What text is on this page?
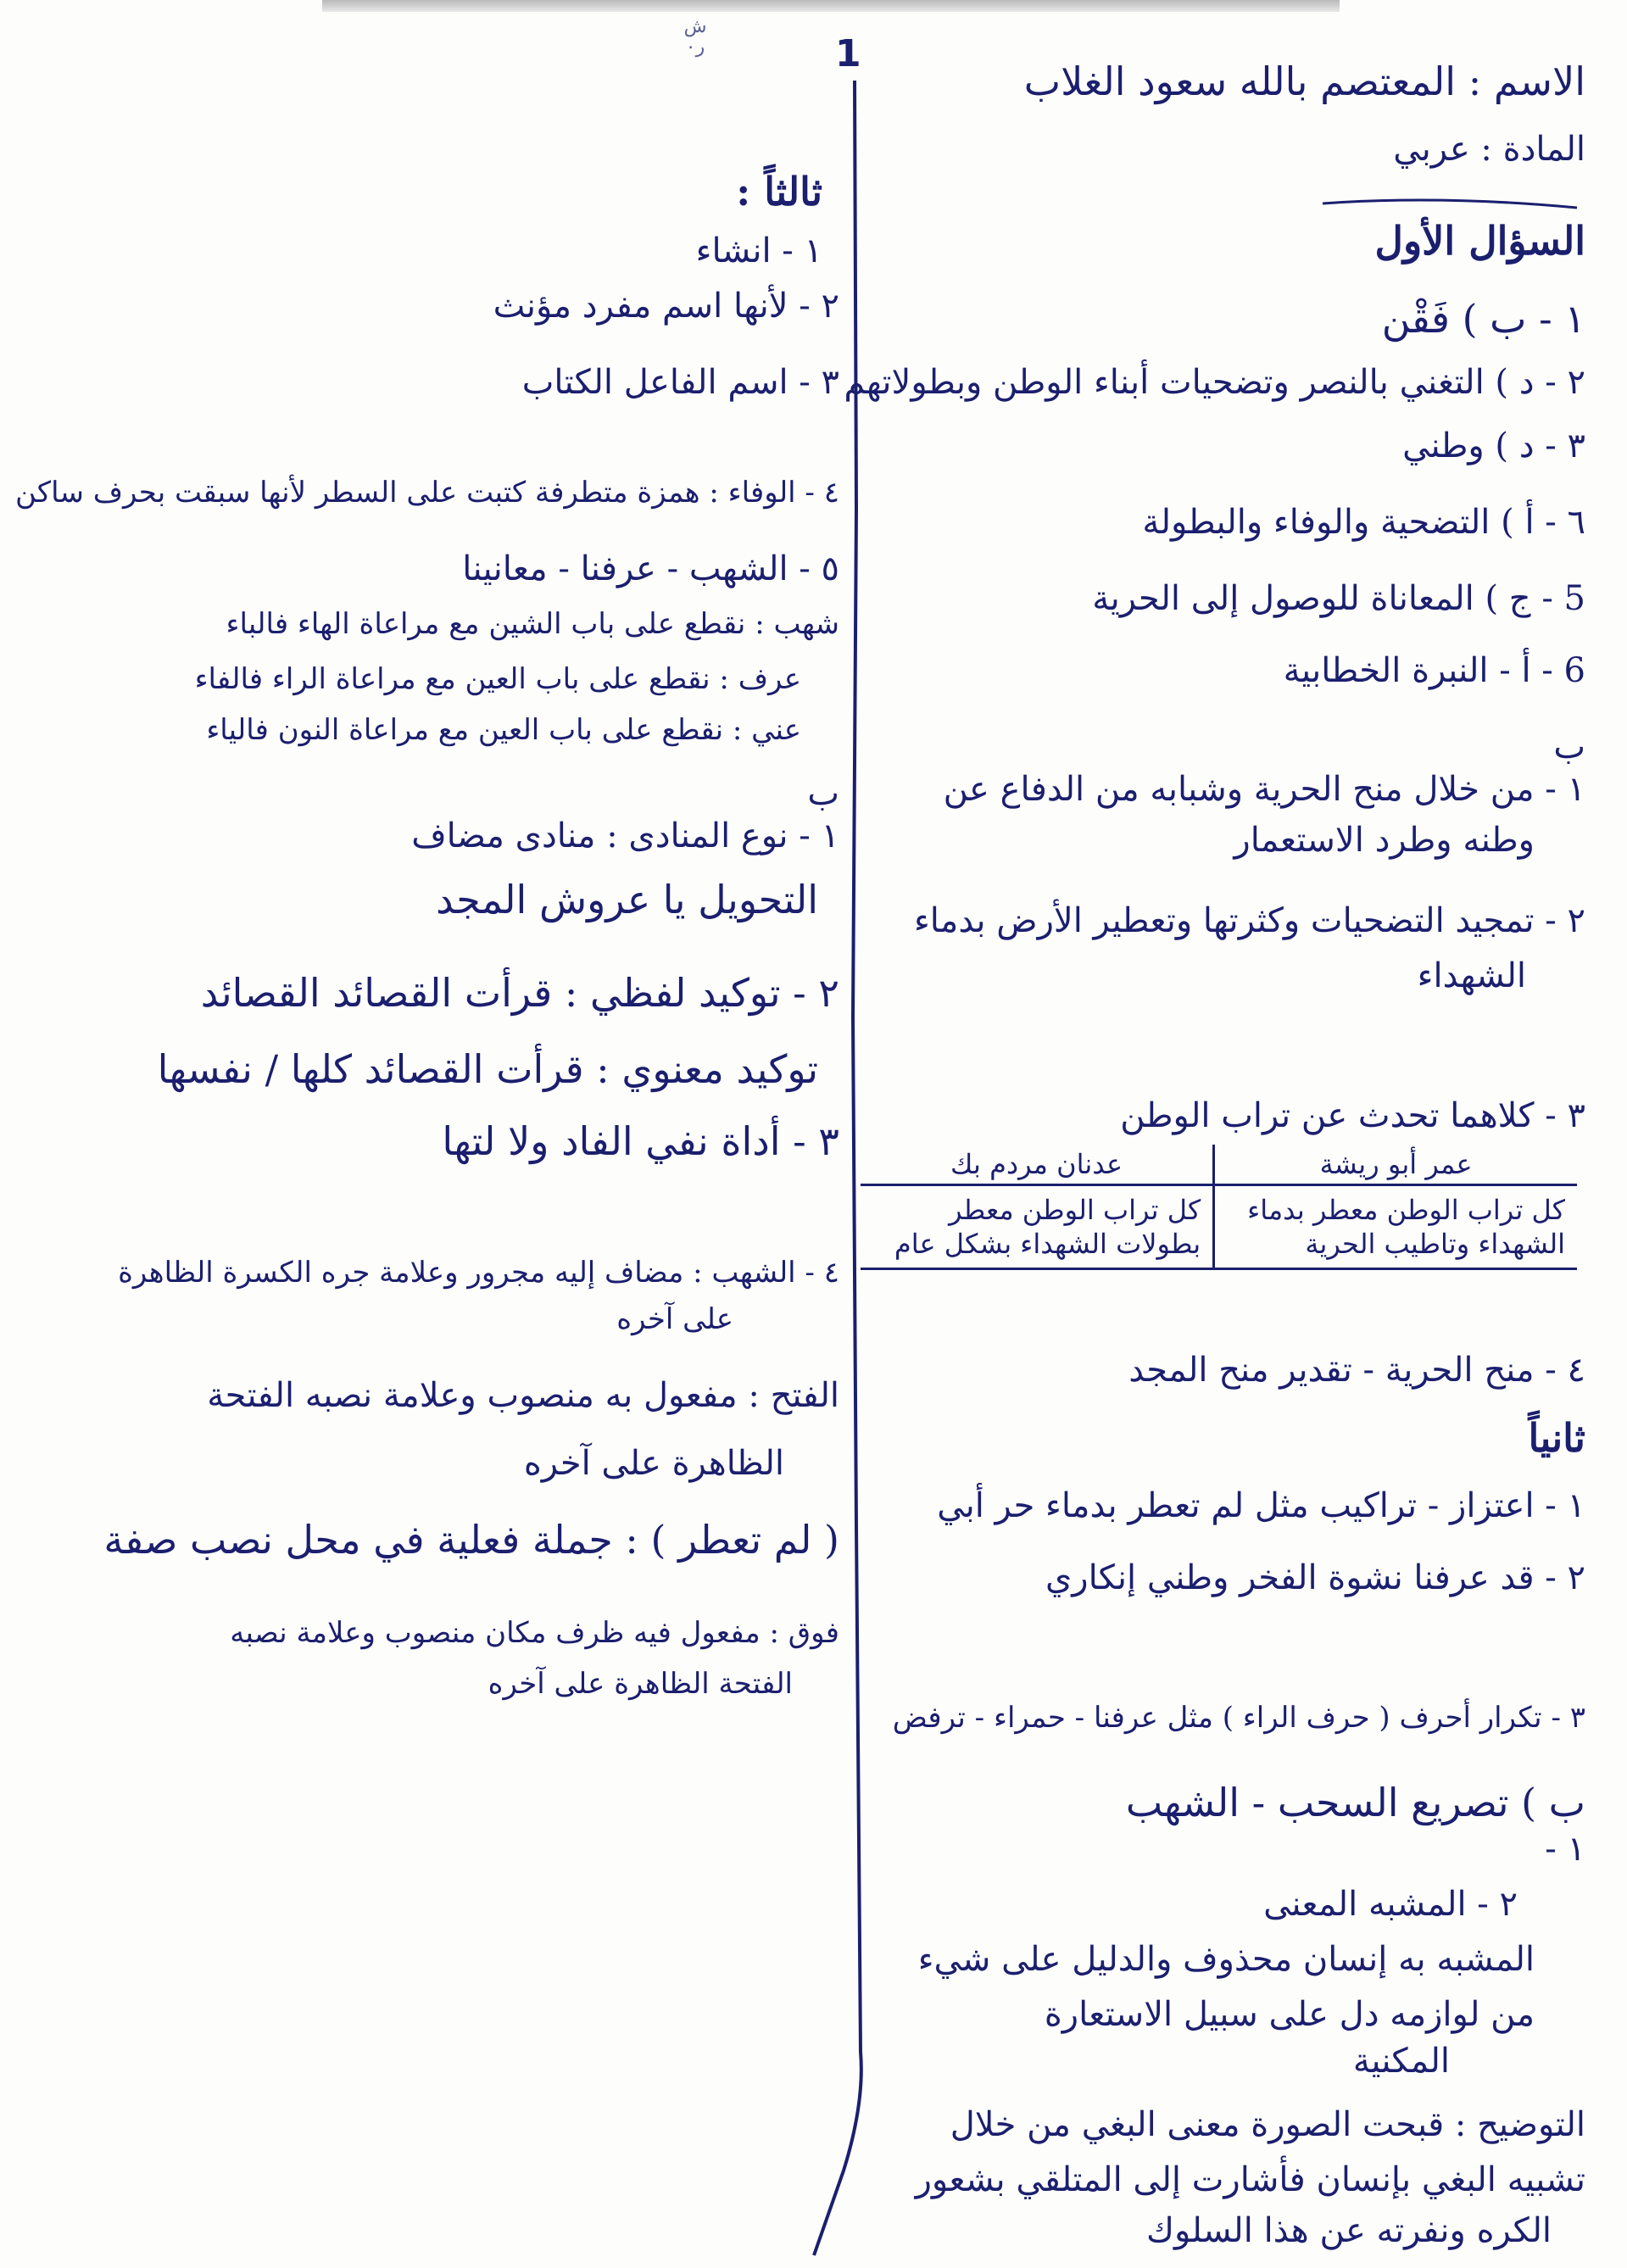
1
ش
ر٠
الاسم : المعتصم بالله سعود الغلاب
المادة : عربي
السؤال الأول
١ - ب ) فَقْن
٢ - د ) التغني بالنصر وتضحيات أبناء الوطن وبطولاتهم
٣ - د ) وطني
٦ - أ ) التضحية والوفاء والبطولة
5 - ج ) المعاناة للوصول إلى الحرية
6 - أ - النبرة الخطابية
ب
١ - من خلال منح الحرية وشبابه من الدفاع عن
وطنه وطرد الاستعمار
٢ - تمجيد التضحيات وكثرتها وتعطير الأرض بدماء
الشهداء
٣ - كلاهما تحدث عن تراب الوطن
٤ - منح الحرية - تقدير منح المجد
ثانياً
١ - اعتزاز - تراكيب مثل لم تعطر بدماء حر أبي
٢ - قد عرفنا نشوة الفخر وطني إنكاري
٣ - تكرار أحرف ( حرف الراء ) مثل عرفنا - حمراء - ترفض
ب ) تصريع السحب - الشهب
١ -
٢ - المشبه المعنى
المشبه به إنسان محذوف والدليل على شيء
من لوازمه دل على سبيل الاستعارة
المكنية
التوضيح : قبحت الصورة معنى البغي من خلال
تشبيه البغي بإنسان فأشارت إلى المتلقي بشعور
الكره ونفرته عن هذا السلوك
عمر أبو ريشة	عدنان مردم بك
كل تراب الوطن معطر بدماء الشهداء وتاطيب الحرية	كل تراب الوطن معطر بطولات الشهداء بشكل عام
ثالثاً :
١ - انشاء
٢ - لأنها اسم مفرد مؤنث
٣ - اسم الفاعل الكتاب
٤ - الوفاء : همزة متطرفة كتبت على السطر لأنها سبقت بحرف ساكن
٥ - الشهب - عرفنا - معانينا
شهب : نقطع على باب الشين مع مراعاة الهاء فالباء
عرف : نقطع على باب العين مع مراعاة الراء فالفاء
عني : نقطع على باب العين مع مراعاة النون فالياء
ب
١ - نوع المنادى : منادى مضاف
التحويل يا عروش المجد
٢ - توكيد لفظي : قرأت القصائد القصائد
توكيد معنوي : قرأت القصائد كلها / نفسها
٣ - أداة نفي الفاد ولا لتها
٤ - الشهب : مضاف إليه مجرور وعلامة جره الكسرة الظاهرة
على آخره
الفتح : مفعول به منصوب وعلامة نصبه الفتحة
الظاهرة على آخره
( لم تعطر ) : جملة فعلية في محل نصب صفة
فوق : مفعول فيه ظرف مكان منصوب وعلامة نصبه
الفتحة الظاهرة على آخره
